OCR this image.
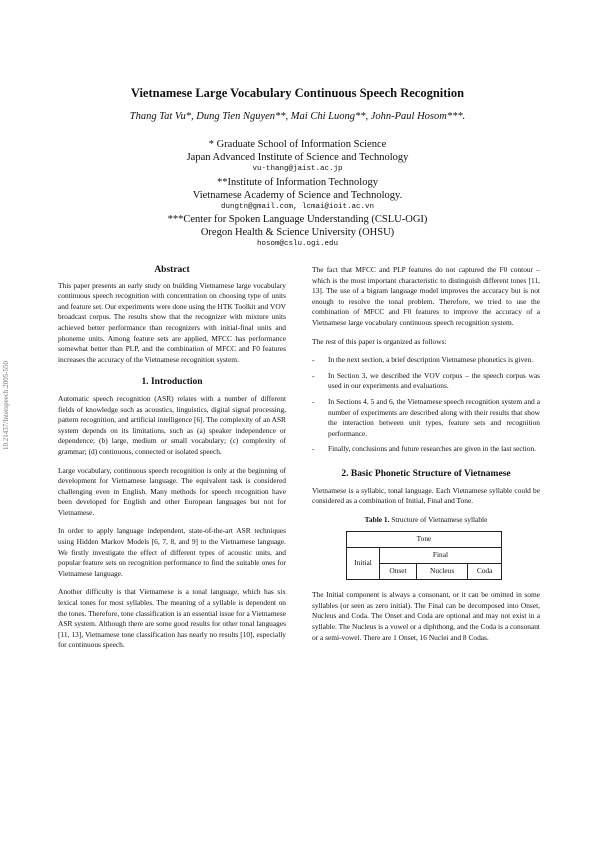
Vietnamese Large Vocabulary Continuous Speech Recognition
Thang Tat Vu*, Dung Tien Nguyen**, Mai Chi Luong**, John-Paul Hosom***.
* Graduate School of Information Science
Japan Advanced Institute of Science and Technology
vu-thang@jaist.ac.jp
**Institute of Information Technology
Vietnamese Academy of Science and Technology.
dungtn@gmail.com, lcmai@ioit.ac.vn
***Center for Spoken Language Understanding (CSLU-OGI)
Oregon Health & Science University (OHSU)
hosom@cslu.ogi.edu
10.21437/Interspeech.2005-550
Abstract

This paper presents an early study on building Vietnamese large vocabulary continuous speech recognition with concentration on choosing type of units and feature set. Our experiments were done using the HTK Toolkit and VOV broadcast corpus. The results show that the recognizer with mixture units achieved better performance than recognizers with initial-final units and phoneme units. Among feature sets are applied, MFCC has performance somewhat better than PLP, and the combination of MFCC and F0 features increases the accuracy of the Vietnamese recognition system.

1. Introduction

Automatic speech recognition (ASR) relates with a number of different fields of knowledge such as acoustics, linguistics, digital signal processing, pattern recognition, and artificial intelligence [6]. The complexity of an ASR system depends on its limitations, such as (a) speaker independence or dependence; (b) large, medium or small vocabulary; (c) complexity of grammar; (d) continuous, connected or isolated speech.

Large vocabulary, continuous speech recognition is only at the beginning of development for Vietnamese language. The equivalent task is considered challenging even in English. Many methods for speech recognition have been developed for English and other European languages but not for Vietnamese.

In order to apply language independent, state-of-the-art ASR techniques using Hidden Markov Models [6, 7, 8, and 9] to the Vietnamese language. We firstly investigate the effect of different types of acoustic units, and popular feature sets on recognition performance to find the suitable ones for Vietnamese language.

Another difficulty is that Vietnamese is a tonal language, which has six lexical tones for most syllables. The meaning of a syllable is dependent on the tones. Therefore, tone classification is an essential issue for a Vietnamese ASR system. Although there are some good results for other tonal languages [11, 13], Vietnamese tone classification has nearly no results [10], especially for continuous speech.

The fact that MFCC and PLP features do not captured the F0 contour – which is the most important characteristic to distinguish different tones [11, 13]. The use of a bigram language model improves the accuracy but is not enough to resolve the tonal problem. Therefore, we tried to use the combination of MFCC and F0 features to improve the accuracy of a Vietnamese large vocabulary continuous speech recognition system.

The rest of this paper is organized as follows:

- In the next section, a brief description Vietnamese phonetics is given.
- In Section 3, we described the VOV corpus – the speech corpus was used in our experiments and evaluations.
- In Sections 4, 5 and 6, the Vietnamese speech recognition system and a number of experiments are described along with their results that show the interaction between unit types, feature sets and recognition performance.
- Finally, conclusions and future researches are given in the last section.
2. Basic Phonetic Structure of Vietnamese

Vietnamese is a syllabic, tonal language. Each Vietnamese syllable could be considered as a combination of Initial, Final and Tone.

Table 1. Structure of Vietnamese syllable
Tone			
Initial	Final		
	Onset	Nucleus	Coda

The Initial component is always a consonant, or it can be omitted in some syllables (or seen as zero initial). The Final can be decomposed into Onset, Nucleus and Coda. The Onset and Coda are optional and may not exist in a syllable. The Nucleus is a vowel or a diphthong, and the Coda is a consonant or a semi-vowel. There are 1 Onset, 16 Nuclei and 8 Codas.
